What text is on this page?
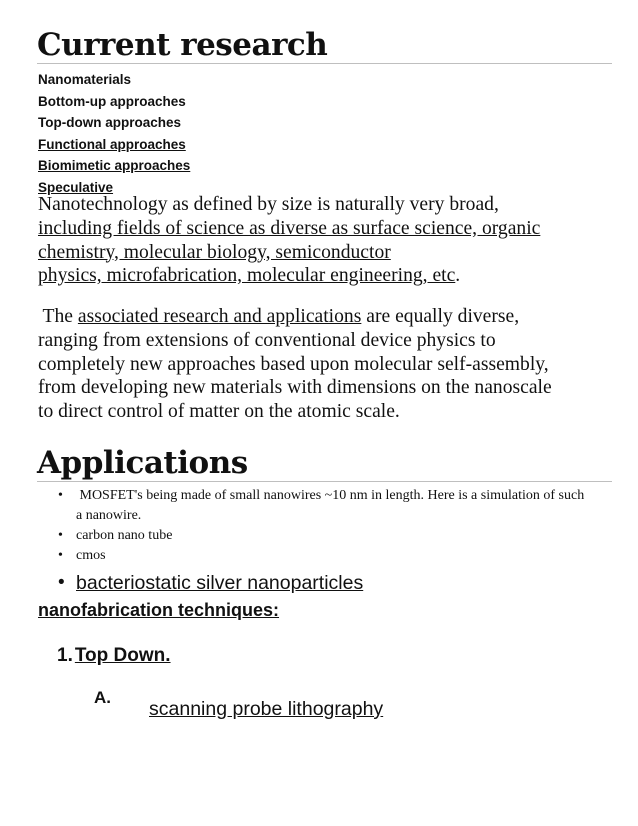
Current research
Nanomaterials
Bottom-up approaches
Top-down approaches
Functional approaches
Biomimetic approaches
Speculative

Nanotechnology as defined by size is naturally very broad,
including fields of science as diverse as surface science, organic
chemistry, molecular biology, semiconductor
physics, microfabrication, molecular engineering, etc.

The associated research and applications are equally diverse,
ranging from extensions of conventional device physics to
completely new approaches based upon molecular self-assembly,
from developing new materials with dimensions on the nanoscale
to direct control of matter on the atomic scale.

Applications
• MOSFET's being made of small nanowires ~10 nm in length. Here is a simulation of such
a nanowire.
• carbon nano tube
• cmos
• bacteriostatic silver nanoparticles
nanofabrication techniques:
1. Top Down.
A.
scanning probe lithography
